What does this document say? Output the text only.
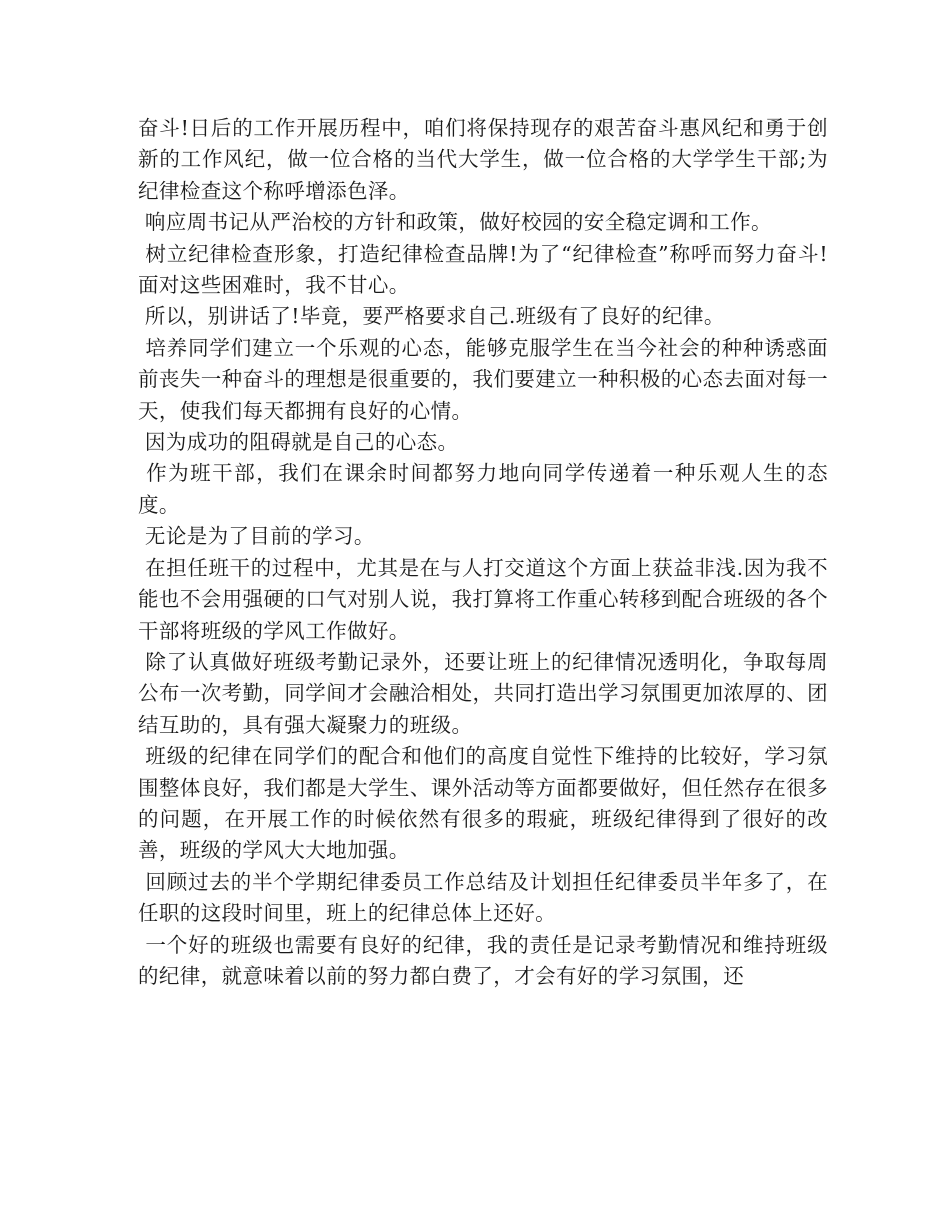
奋斗!日后的工作开展历程中，咱们将保持现存的艰苦奋斗惠风纪和勇于创新的工作风纪，做一位合格的当代大学生，做一位合格的大学学生干部;为纪律检查这个称呼增添色泽。

响应周书记从严治校的方针和政策，做好校园的安全稳定调和工作。

树立纪律检查形象，打造纪律检查品牌!为了“纪律检查”称呼而努力奋斗!　面对这些困难时，我不甘心。

所以，别讲话了!毕竟，要严格要求自己.班级有了良好的纪律。

培养同学们建立一个乐观的心态，能够克服学生在当今社会的种种诱惑面前丧失一种奋斗的理想是很重要的，我们要建立一种积极的心态去面对每一天，使我们每天都拥有良好的心情。

因为成功的阻碍就是自己的心态。

作为班干部，我们在课余时间都努力地向同学传递着一种乐观人生的态度。

无论是为了目前的学习。

在担任班干的过程中，尤其是在与人打交道这个方面上获益非浅.因为我不能也不会用强硬的口气对别人说，我打算将工作重心转移到配合班级的各个干部将班级的学风工作做好。

除了认真做好班级考勤记录外，还要让班上的纪律情况透明化，争取每周公布一次考勤，同学间才会融洽相处，共同打造出学习氛围更加浓厚的、团结互助的，具有强大凝聚力的班级。

班级的纪律在同学们的配合和他们的高度自觉性下维持的比较好，学习氛围整体良好，我们都是大学生、课外活动等方面都要做好，但任然存在很多的问题，在开展工作的时候依然有很多的瑕疵，班级纪律得到了很好的改善，班级的学风大大地加强。

回顾过去的半个学期纪律委员工作总结及计划担任纪律委员半年多了，在任职的这段时间里，班上的纪律总体上还好。

一个好的班级也需要有良好的纪律，我的责任是记录考勤情况和维持班级的纪律，就意味着以前的努力都白费了，才会有好的学习氛围，还
